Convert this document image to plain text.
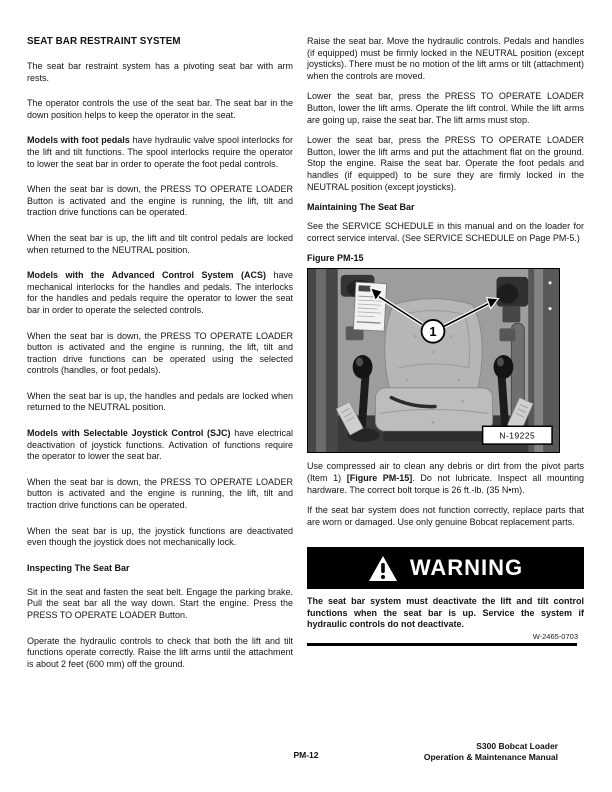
SEAT BAR RESTRAINT SYSTEM

The seat bar restraint system has a pivoting seat bar with arm rests.

The operator controls the use of the seat bar. The seat bar in the down position helps to keep the operator in the seat.

Models with foot pedals have hydraulic valve spool interlocks for the lift and tilt functions. The spool interlocks require the operator to lower the seat bar in order to operate the foot pedal controls.

When the seat bar is down, the PRESS TO OPERATE LOADER Button is activated and the engine is running, the lift, tilt and traction drive functions can be operated.

When the seat bar is up, the lift and tilt control pedals are locked when returned to the NEUTRAL position.

Models with the Advanced Control System (ACS) have mechanical interlocks for the handles and pedals. The interlocks for the handles and pedals require the operator to lower the seat bar in order to operate the selected controls.

When the seat bar is down, the PRESS TO OPERATE LOADER button is activated and the engine is running, the lift, tilt and traction drive functions can be operated using the selected controls (handles, or foot pedals).

When the seat bar is up, the handles and pedals are locked when returned to the NEUTRAL position.

Models with Selectable Joystick Control (SJC) have electrical deactivation of joystick functions. Activation of functions require the operator to lower the seat bar.

When the seat bar is down, the PRESS TO OPERATE LOADER button is activated and the engine is running, the lift, tilt and traction drive functions can be operated.

When the seat bar is up, the joystick functions are deactivated even though the joystick does not mechanically lock.

Inspecting The Seat Bar

Sit in the seat and fasten the seat belt. Engage the parking brake. Pull the seat bar all the way down. Start the engine. Press the PRESS TO OPERATE LOADER Button.

Operate the hydraulic controls to check that both the lift and tilt functions operate correctly. Raise the lift arms until the attachment is about 2 feet (600 mm) off the ground.

Raise the seat bar. Move the hydraulic controls. Pedals and handles (if equipped) must be firmly locked in the NEUTRAL position (except joysticks). There must be no motion of the lift arms or tilt (attachment) when the controls are moved.

Lower the seat bar, press the PRESS TO OPERATE LOADER Button, lower the lift arms. Operate the lift control. While the lift arms are going up, raise the seat bar. The lift arms must stop.

Lower the seat bar, press the PRESS TO OPERATE LOADER Button, lower the lift arms and put the attachment flat on the ground. Stop the engine. Raise the seat bar. Operate the foot pedals and handles (if equipped) to be sure they are firmly locked in the NEUTRAL position (except joysticks).

Maintaining The Seat Bar

See the SERVICE SCHEDULE in this manual and on the loader for correct service interval. (See SERVICE SCHEDULE on Page PM-5.)

Figure PM-15
1
N-19225

Use compressed air to clean any debris or dirt from the pivot parts (Item 1) [Figure PM-15]. Do not lubricate. Inspect all mounting hardware. The correct bolt torque is 26 ft.-lb. (35 N•m).

If the seat bar system does not function correctly, replace parts that are worn or damaged. Use only genuine Bobcat replacement parts.

WARNING

The seat bar system must deactivate the lift and tilt control functions when the seat bar is up. Service the system if hydraulic controls do not deactivate.

W-2465-0703
PM-12
S300 Bobcat Loader
Operation & Maintenance Manual
